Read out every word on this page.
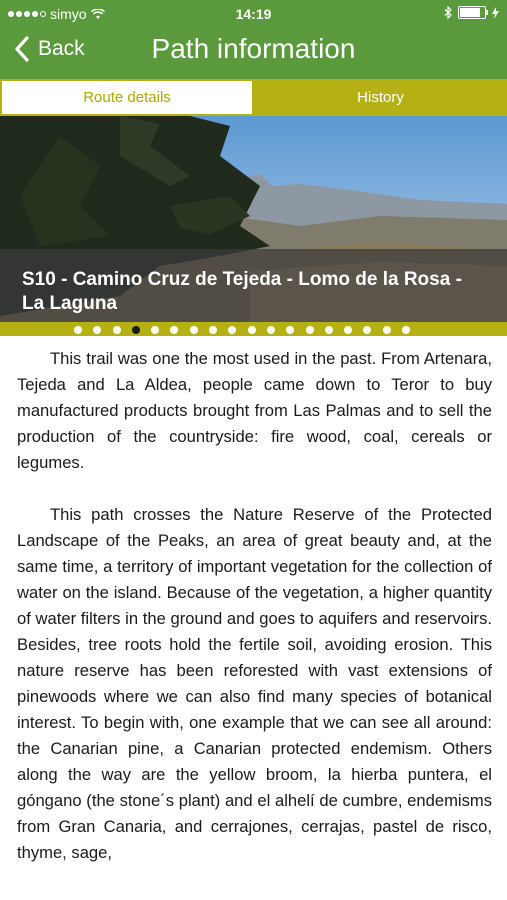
simyo	14:19
Back	Path information
Route details	History
S10 - Camino Cruz de Tejeda - Lomo de la Rosa - La Laguna

This trail was one the most used in the past. From Artenara, Tejeda and La Aldea, people came down to Teror to buy manufactured products brought from Las Palmas and to sell the production of the countryside: fire wood, coal, cereals or legumes.

This path crosses the Nature Reserve of the Protected Landscape of the Peaks, an area of great beauty and, at the same time, a territory of important vegetation for the collection of water on the island. Because of the vegetation, a higher quantity of water filters in the ground and goes to aquifers and reservoirs. Besides, tree roots hold the fertile soil, avoiding erosion. This nature reserve has been reforested with vast extensions of pinewoods where we can also find many species of botanical interest. To begin with, one example that we can see all around: the Canarian pine, a Canarian protected endemism. Others along the way are the yellow broom, la hierba puntera, el góngano (the stone´s plant) and el alhelí de cumbre, endemisms from Gran Canaria, and cerrajones, cerrajas, pastel de risco, thyme, sage,
